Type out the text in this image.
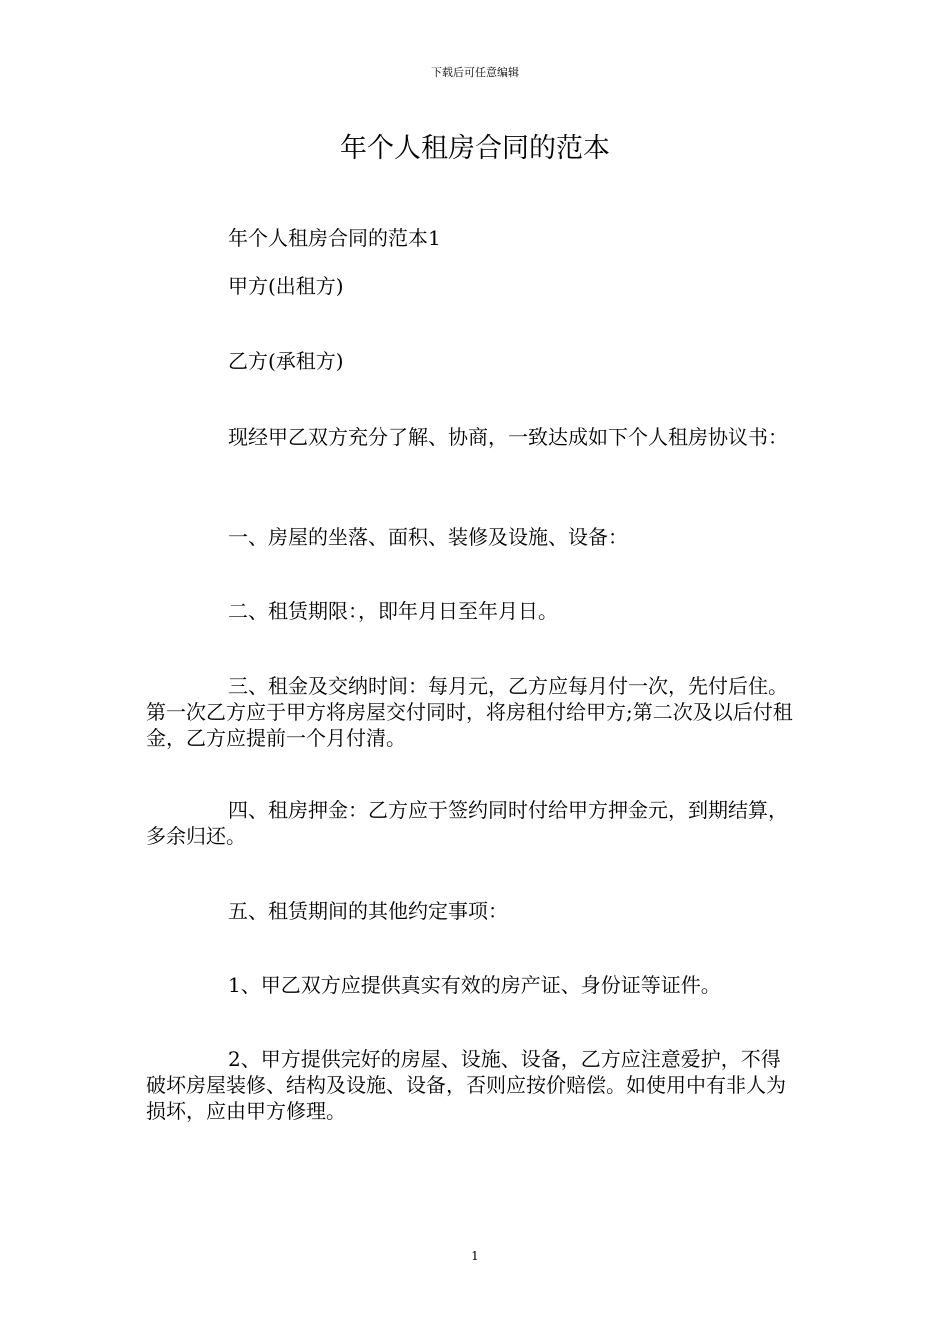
下载后可任意编辑
年个人租房合同的范本

年个人租房合同的范本1

甲方(出租方)

乙方(承租方)

现经甲乙双方充分了解、协商，一致达成如下个人租房协议书：

一、房屋的坐落、面积、装修及设施、设备：

二、租赁期限：，即年月日至年月日。

三、租金及交纳时间：每月元，乙方应每月付一次，先付后住。第一次乙方应于甲方将房屋交付同时，将房租付给甲方;第二次及以后付租金，乙方应提前一个月付清。

四、租房押金：乙方应于签约同时付给甲方押金元，到期结算，多余归还。

五、租赁期间的其他约定事项：

1、甲乙双方应提供真实有效的房产证、身份证等证件。

2、甲方提供完好的房屋、设施、设备，乙方应注意爱护，不得破坏房屋装修、结构及设施、设备，否则应按价赔偿。如使用中有非人为损坏，应由甲方修理。

1
